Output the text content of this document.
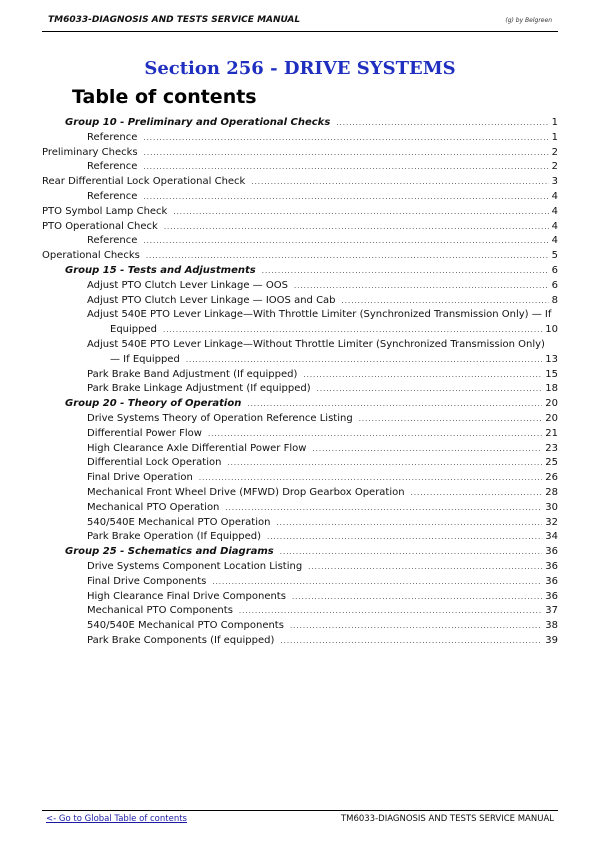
TM6033-DIAGNOSIS AND TESTS SERVICE MANUAL	(g) by Belgreen
Section 256 - DRIVE SYSTEMS
Table of contents
Group 10 - Preliminary and Operational Checks .....	1
Reference .....	1
Preliminary Checks .....	2
Reference .....	2
Rear Differential Lock Operational Check .....	3
Reference .....	4
PTO Symbol Lamp Check .....	4
PTO Operational Check .....	4
Reference .....	4
Operational Checks .....	5
Group 15 - Tests and Adjustments .....	6
Adjust PTO Clutch Lever Linkage — OOS .....	6
Adjust PTO Clutch Lever Linkage — IOOS and Cab .....	8
Adjust 540E PTO Lever Linkage—With Throttle Limiter (Synchronized Transmission Only) — If
Equipped .....	10
Adjust 540E PTO Lever Linkage—Without Throttle Limiter (Synchronized Transmission Only)
— If Equipped .....	13
Park Brake Band Adjustment (If equipped) .....	15
Park Brake Linkage Adjustment (If equipped) .....	18
Group 20 - Theory of Operation .....	20
Drive Systems Theory of Operation Reference Listing .....	20
Differential Power Flow .....	21
High Clearance Axle Differential Power Flow .....	23
Differential Lock Operation .....	25
Final Drive Operation .....	26
Mechanical Front Wheel Drive (MFWD) Drop Gearbox Operation .....	28
Mechanical PTO Operation .....	30
540/540E Mechanical PTO Operation .....	32
Park Brake Operation (If Equipped) .....	34
Group 25 - Schematics and Diagrams .....	36
Drive Systems Component Location Listing .....	36
Final Drive Components .....	36
High Clearance Final Drive Components .....	36
Mechanical PTO Components .....	37
540/540E Mechanical PTO Components .....	38
Park Brake Components (If equipped) .....	39
<- Go to Global Table of contents	TM6033-DIAGNOSIS AND TESTS SERVICE MANUAL
